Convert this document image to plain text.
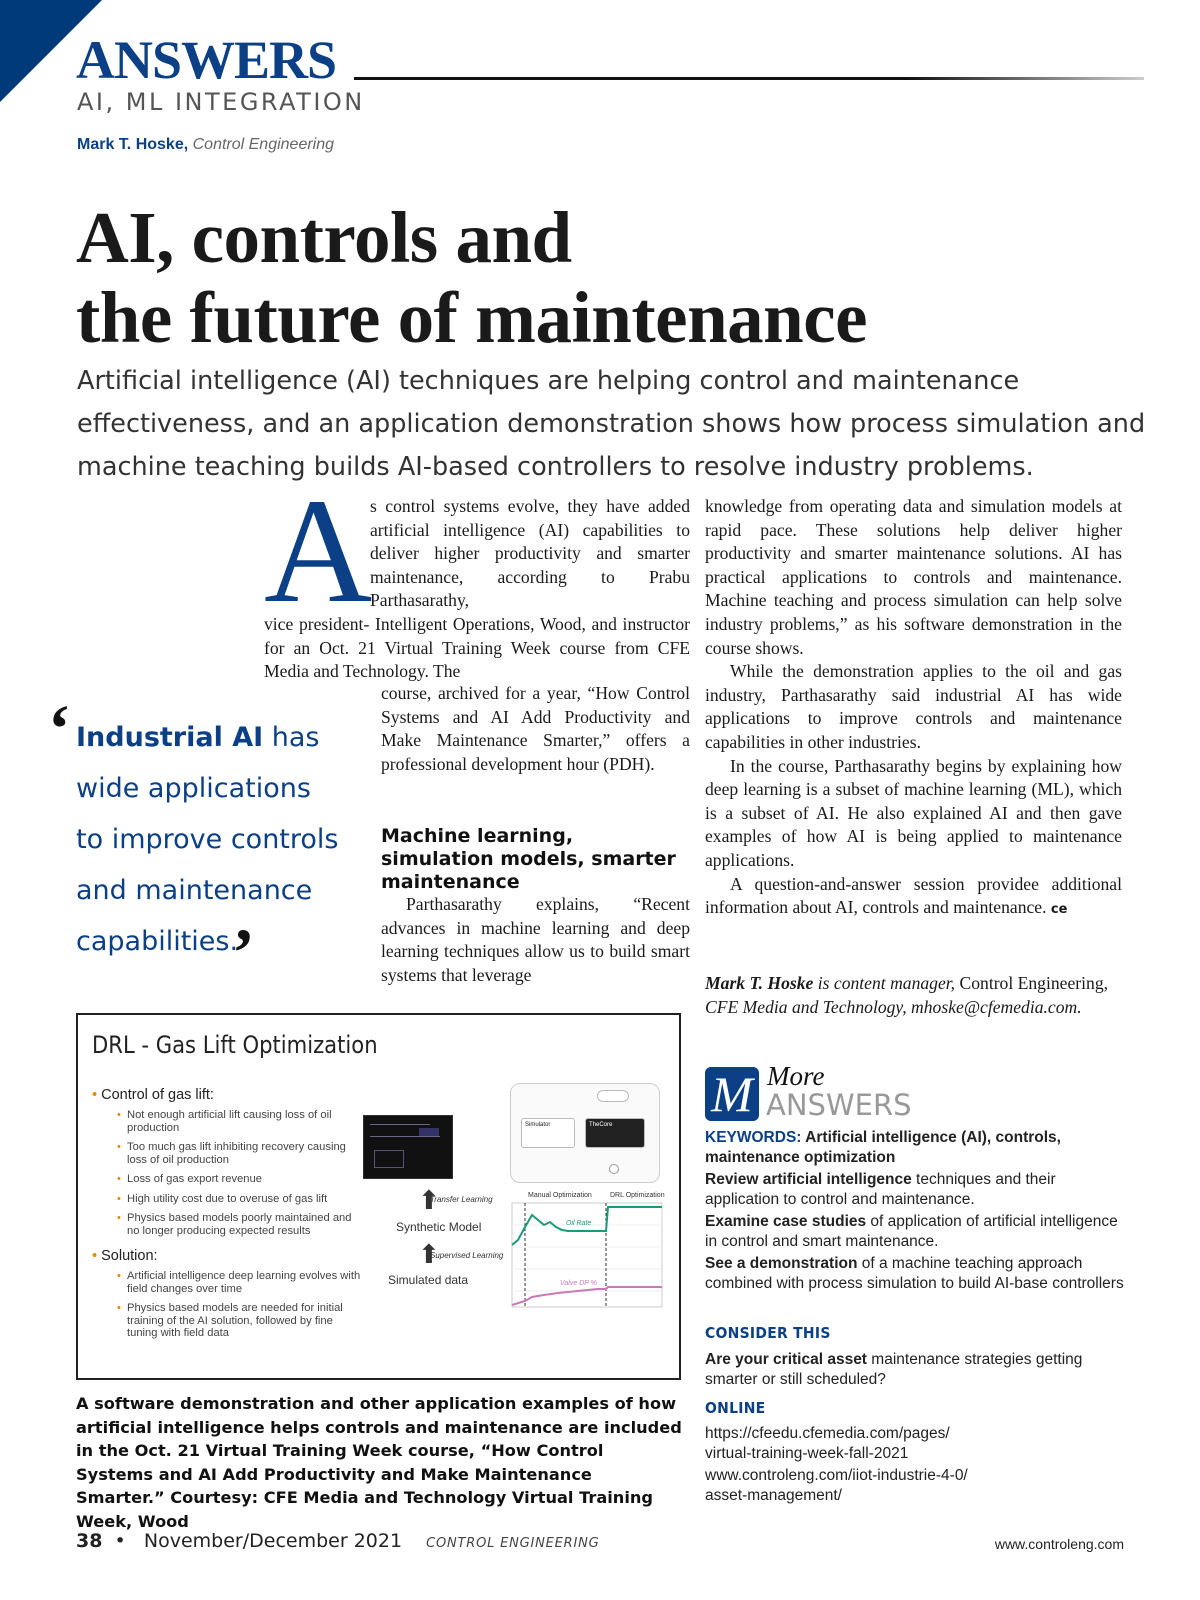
ANSWERS
AI, ML INTEGRATION
Mark T. Hoske, Control Engineering
AI, controls and
the future of maintenance
Artificial intelligence (AI) techniques are helping control and maintenance effectiveness, and an application demonstration shows how process simulation and machine teaching builds AI-based controllers to resolve industry problems.
A
s control systems evolve, they have added artificial intelligence (AI) capabilities to deliver higher productivity and smarter maintenance, according to Prabu Parthasarathy,
vice president- Intelligent Operations, Wood, and instructor for an Oct. 21 Virtual Training Week course from CFE Media and Technology. The
course, archived for a year, “How Control Systems and AI Add Productivity and Make Maintenance Smarter,” offers a professional development hour (PDH).
Machine learning, simulation models, smarter maintenance
Parthasarathy explains, “Recent advances in machine learning and deep learning techniques allow us to build smart systems that leverage
‘ Industrial AI has wide applications to improve controls and maintenance capabilities.
’

knowledge from operating data and simulation models at rapid pace. These solutions help deliver higher productivity and smarter maintenance solutions. AI has practical applications to controls and maintenance. Machine teaching and process simulation can help solve industry problems,” as his software demonstration in the course shows.

While the demonstration applies to the oil and gas industry, Parthasarathy said industrial AI has wide applications to improve controls and maintenance capabilities in other industries.

In the course, Parthasarathy begins by explaining how deep learning is a subset of machine learning (ML), which is a subset of AI. He also explained AI and then gave examples of how AI is being applied to maintenance applications.

A question-and-answer session providee additional information about AI, controls and maintenance. ce

Mark T. Hoske is content manager, Control Engineering, CFE Media and Technology, mhoske@cfemedia.com.
DRL - Gas Lift Optimization
• Control of gas lift:
• Not enough artificial lift causing loss of oil production
• Too much gas lift inhibiting recovery causing loss of oil production
• Loss of gas export revenue
• High utility cost due to overuse of gas lift
• Physics based models poorly maintained and no longer producing expected results
• Solution:
• Artificial intelligence deep learning evolves with field changes over time
• Physics based models are needed for initial training of the AI solution, followed by fine tuning with field data
Simulator	TheCore
⬆
Transfer Learning
Synthetic Model
⬆
Supervised Learning
Simulated data
Manual Optimization	DRL Optimization
Oil Rate
Valve DP %
A software demonstration and other application examples of how artificial intelligence helps controls and maintenance are included in the Oct. 21 Virtual Training Week course, “How Control Systems and AI Add Productivity and Make Maintenance Smarter.” Courtesy: CFE Media and Technology Virtual Training Week, Wood
M More
ANSWERS
KEYWORDS: Artificial intelligence (AI), controls, maintenance optimization
Review artificial intelligence techniques and their application to control and maintenance.
Examine case studies of application of artificial intelligence in control and smart maintenance.
See a demonstration of a machine teaching approach combined with process simulation to build AI-base controllers
CONSIDER THIS
Are your critical asset maintenance strategies getting smarter or still scheduled?
ONLINE
https://cfeedu.cfemedia.com/pages/ virtual-training-week-fall-2021
www.controleng.com/iiot-industrie-4-0/ asset-management/
38 • November/December 2021 CONTROL ENGINEERING	www.controleng.com
